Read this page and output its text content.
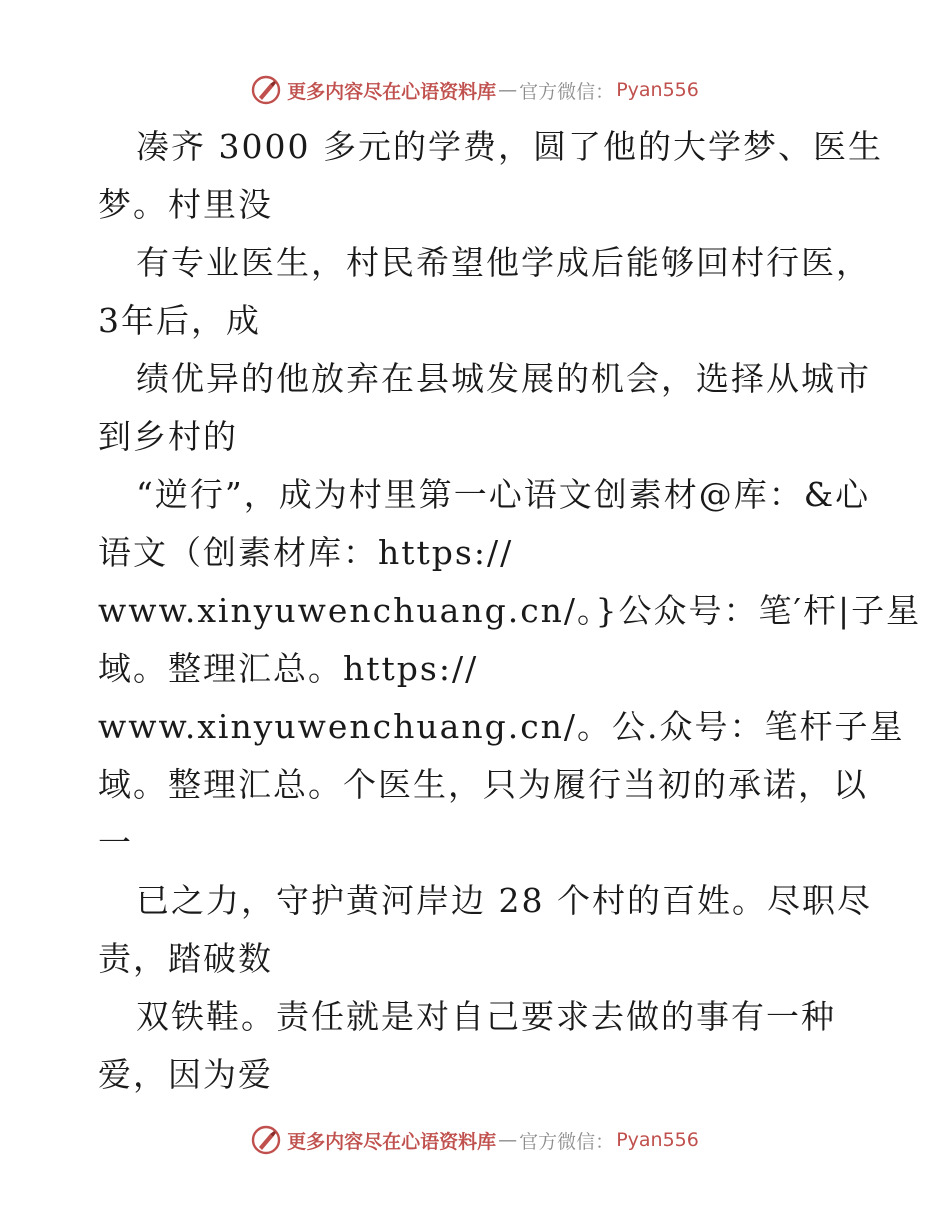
更多内容尽在心语资料库 — 官方微信： Pyan556
凑齐 3000 多元的学费，圆了他的大学梦、医生
梦。村里没
有专业医生，村民希望他学成后能够回村行医，
3年后，成
绩优异的他放弃在县城发展的机会，选择从城市
到乡村的
“逆行”，成为村里第一心语文创素材@库：&心
语文（创素材库：https://
www.xinyuwenchuang.cn/。}公众号：笔′杆|子星
域。整理汇总。https://
www.xinyuwenchuang.cn/。公.众号：笔杆子星
域。整理汇总。个医生，只为履行当初的承诺，以
一
已之力，守护黄河岸边 28 个村的百姓。尽职尽
责，踏破数
双铁鞋。责任就是对自己要求去做的事有一种
爱，因为爱
更多内容尽在心语资料库 — 官方微信： Pyan556
